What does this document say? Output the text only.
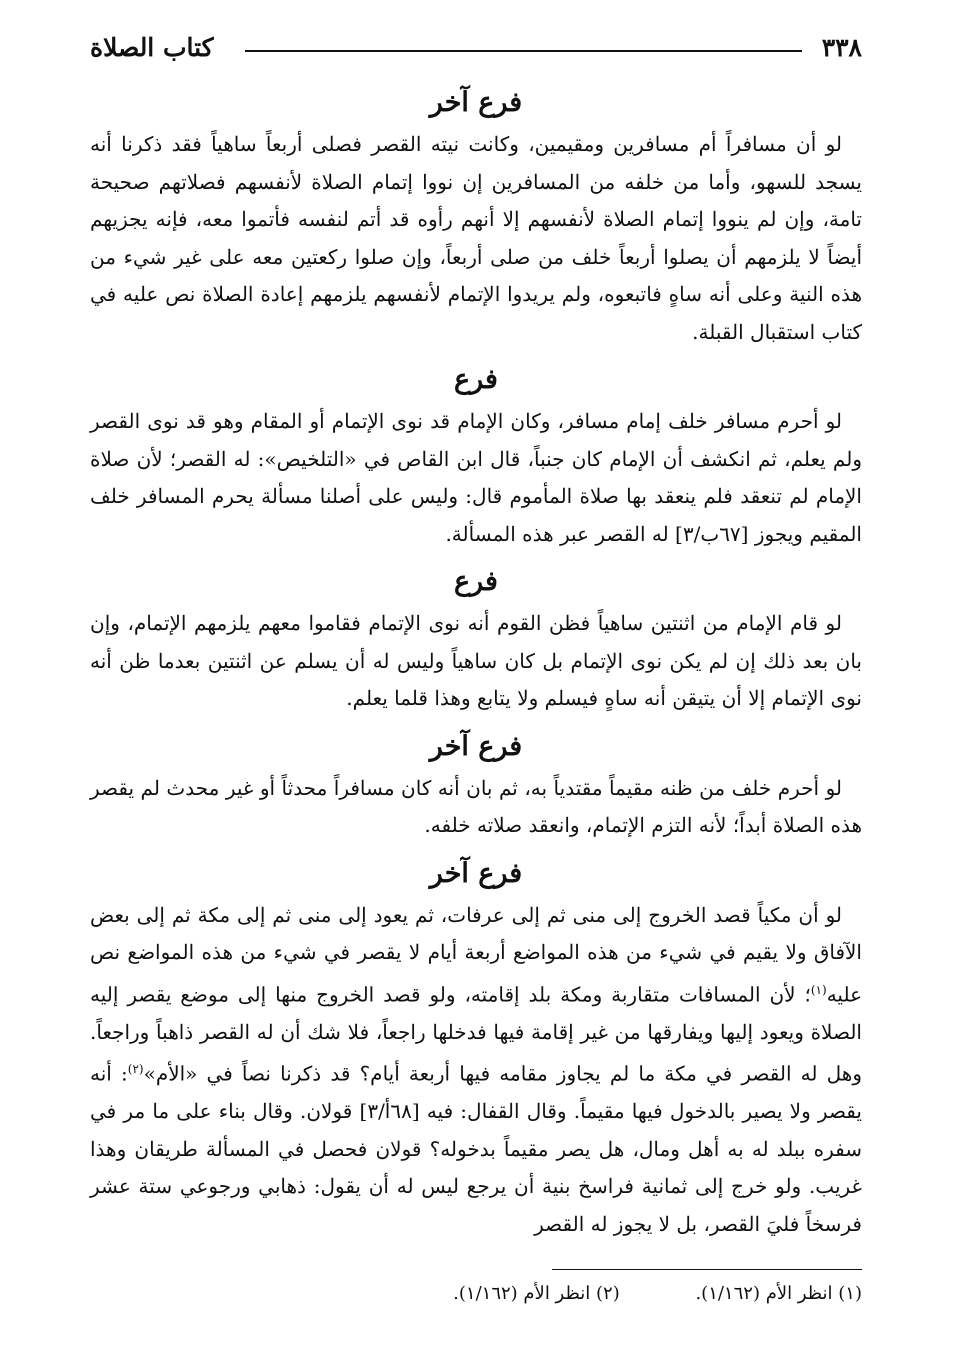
٣٣٨
كتاب الصلاة
فرع آخر

لو أن مسافراً أم مسافرين ومقيمين، وكانت نيته القصر فصلى أربعاً ساهياً فقد ذكرنا أنه يسجد للسهو، وأما من خلفه من المسافرين إن نووا إتمام الصلاة لأنفسهم فصلاتهم صحيحة تامة، وإن لم ينووا إتمام الصلاة لأنفسهم إلا أنهم رأوه قد أتم لنفسه فأتموا معه، فإنه يجزيهم أيضاً لا يلزمهم أن يصلوا أربعاً خلف من صلى أربعاً، وإن صلوا ركعتين معه على غير شيء من هذه النية وعلى أنه ساهٍ فاتبعوه، ولم يريدوا الإتمام لأنفسهم يلزمهم إعادة الصلاة نص عليه في كتاب استقبال القبلة.

فرع

لو أحرم مسافر خلف إمام مسافر، وكان الإمام قد نوى الإتمام أو المقام وهو قد نوى القصر ولم يعلم، ثم انكشف أن الإمام كان جنباً، قال ابن القاص في «التلخيص»: له القصر؛ لأن صلاة الإمام لم تنعقد فلم ينعقد بها صلاة المأموم قال: وليس على أصلنا مسألة يحرم المسافر خلف المقيم ويجوز [٦٧ب/٣] له القصر عبر هذه المسألة.

فرع

لو قام الإمام من اثنتين ساهياً فظن القوم أنه نوى الإتمام فقاموا معهم يلزمهم الإتمام، وإن بان بعد ذلك إن لم يكن نوى الإتمام بل كان ساهياً وليس له أن يسلم عن اثنتين بعدما ظن أنه نوى الإتمام إلا أن يتيقن أنه ساهٍ فيسلم ولا يتابع وهذا قلما يعلم.

فرع آخر

لو أحرم خلف من ظنه مقيماً مقتدياً به، ثم بان أنه كان مسافراً محدثاً أو غير محدث لم يقصر هذه الصلاة أبداً؛ لأنه التزم الإتمام، وانعقد صلاته خلفه.

فرع آخر

لو أن مكياً قصد الخروج إلى منى ثم إلى عرفات، ثم يعود إلى منى ثم إلى مكة ثم إلى بعض الآفاق ولا يقيم في شيء من هذه المواضع أربعة أيام لا يقصر في شيء من هذه المواضع نص عليه$^{(١)}$؛ لأن المسافات متقاربة ومكة بلد إقامته، ولو قصد الخروج منها إلى موضع يقصر إليه الصلاة ويعود إليها ويفارقها من غير إقامة فيها فدخلها راجعاً، فلا شك أن له القصر ذاهباً وراجعاً. وهل له القصر في مكة ما لم يجاوز مقامه فيها أربعة أيام؟ قد ذكرنا نصاً في «الأم»$^{(٢)}$: أنه يقصر ولا يصير بالدخول فيها مقيماً. وقال القفال: فيه [٦٨أ/٣] قولان. وقال بناء على ما مر في سفره ببلد له به أهل ومال، هل يصر مقيماً بدخوله؟ قولان فحصل في المسألة طريقان وهذا غريب. ولو خرج إلى ثمانية فراسخ بنية أن يرجع ليس له أن يقول: ذهابي ورجوعي ستة عشر فرسخاً فليَ القصر، بل لا يجوز له القصر

(١) انظر الأم (١/١٦٢). (٢) انظر الأم (١/١٦٢).
